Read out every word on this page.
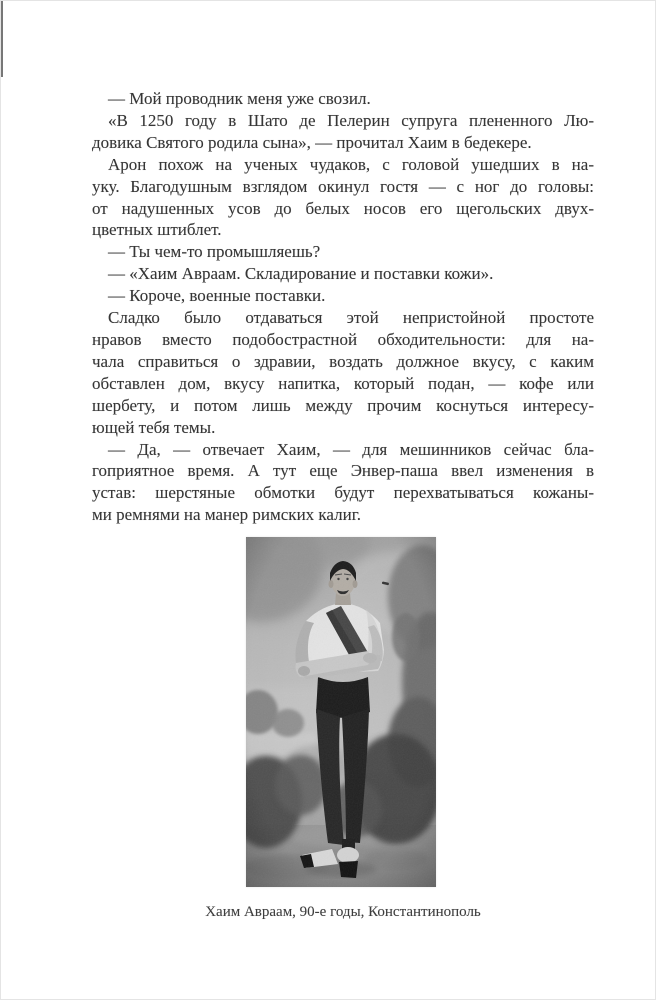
— Мой проводник меня уже свозил.

«В 1250 году в Шато де Пелерин супруга плененного Лю-
довика Святого родила сына», — прочитал Хаим в бедекере.

Арон похож на ученых чудаков, с головой ушедших в на-
уку. Благодушным взглядом окинул гостя — с ног до головы:
от надушенных усов до белых носов его щегольских двух-
цветных штиблет.

— Ты чем-то промышляешь?

— «Хаим Авраам. Складирование и поставки кожи».

— Короче, военные поставки.

Сладко было отдаваться этой непристойной простоте
нравов вместо подобострастной обходительности: для на-
чала справиться о здравии, воздать должное вкусу, с каким
обставлен дом, вкусу напитка, который подан, — кофе или
шербету, и потом лишь между прочим коснуться интересу-
ющей тебя темы.

— Да, — отвечает Хаим, — для мешинников сейчас бла-
гоприятное время. А тут еще Энвер-паша ввел изменения в
устав: шерстяные обмотки будут перехватываться кожаны-
ми ремнями на манер римских калиг.

Хаим Авраам, 90-е годы, Константинополь
